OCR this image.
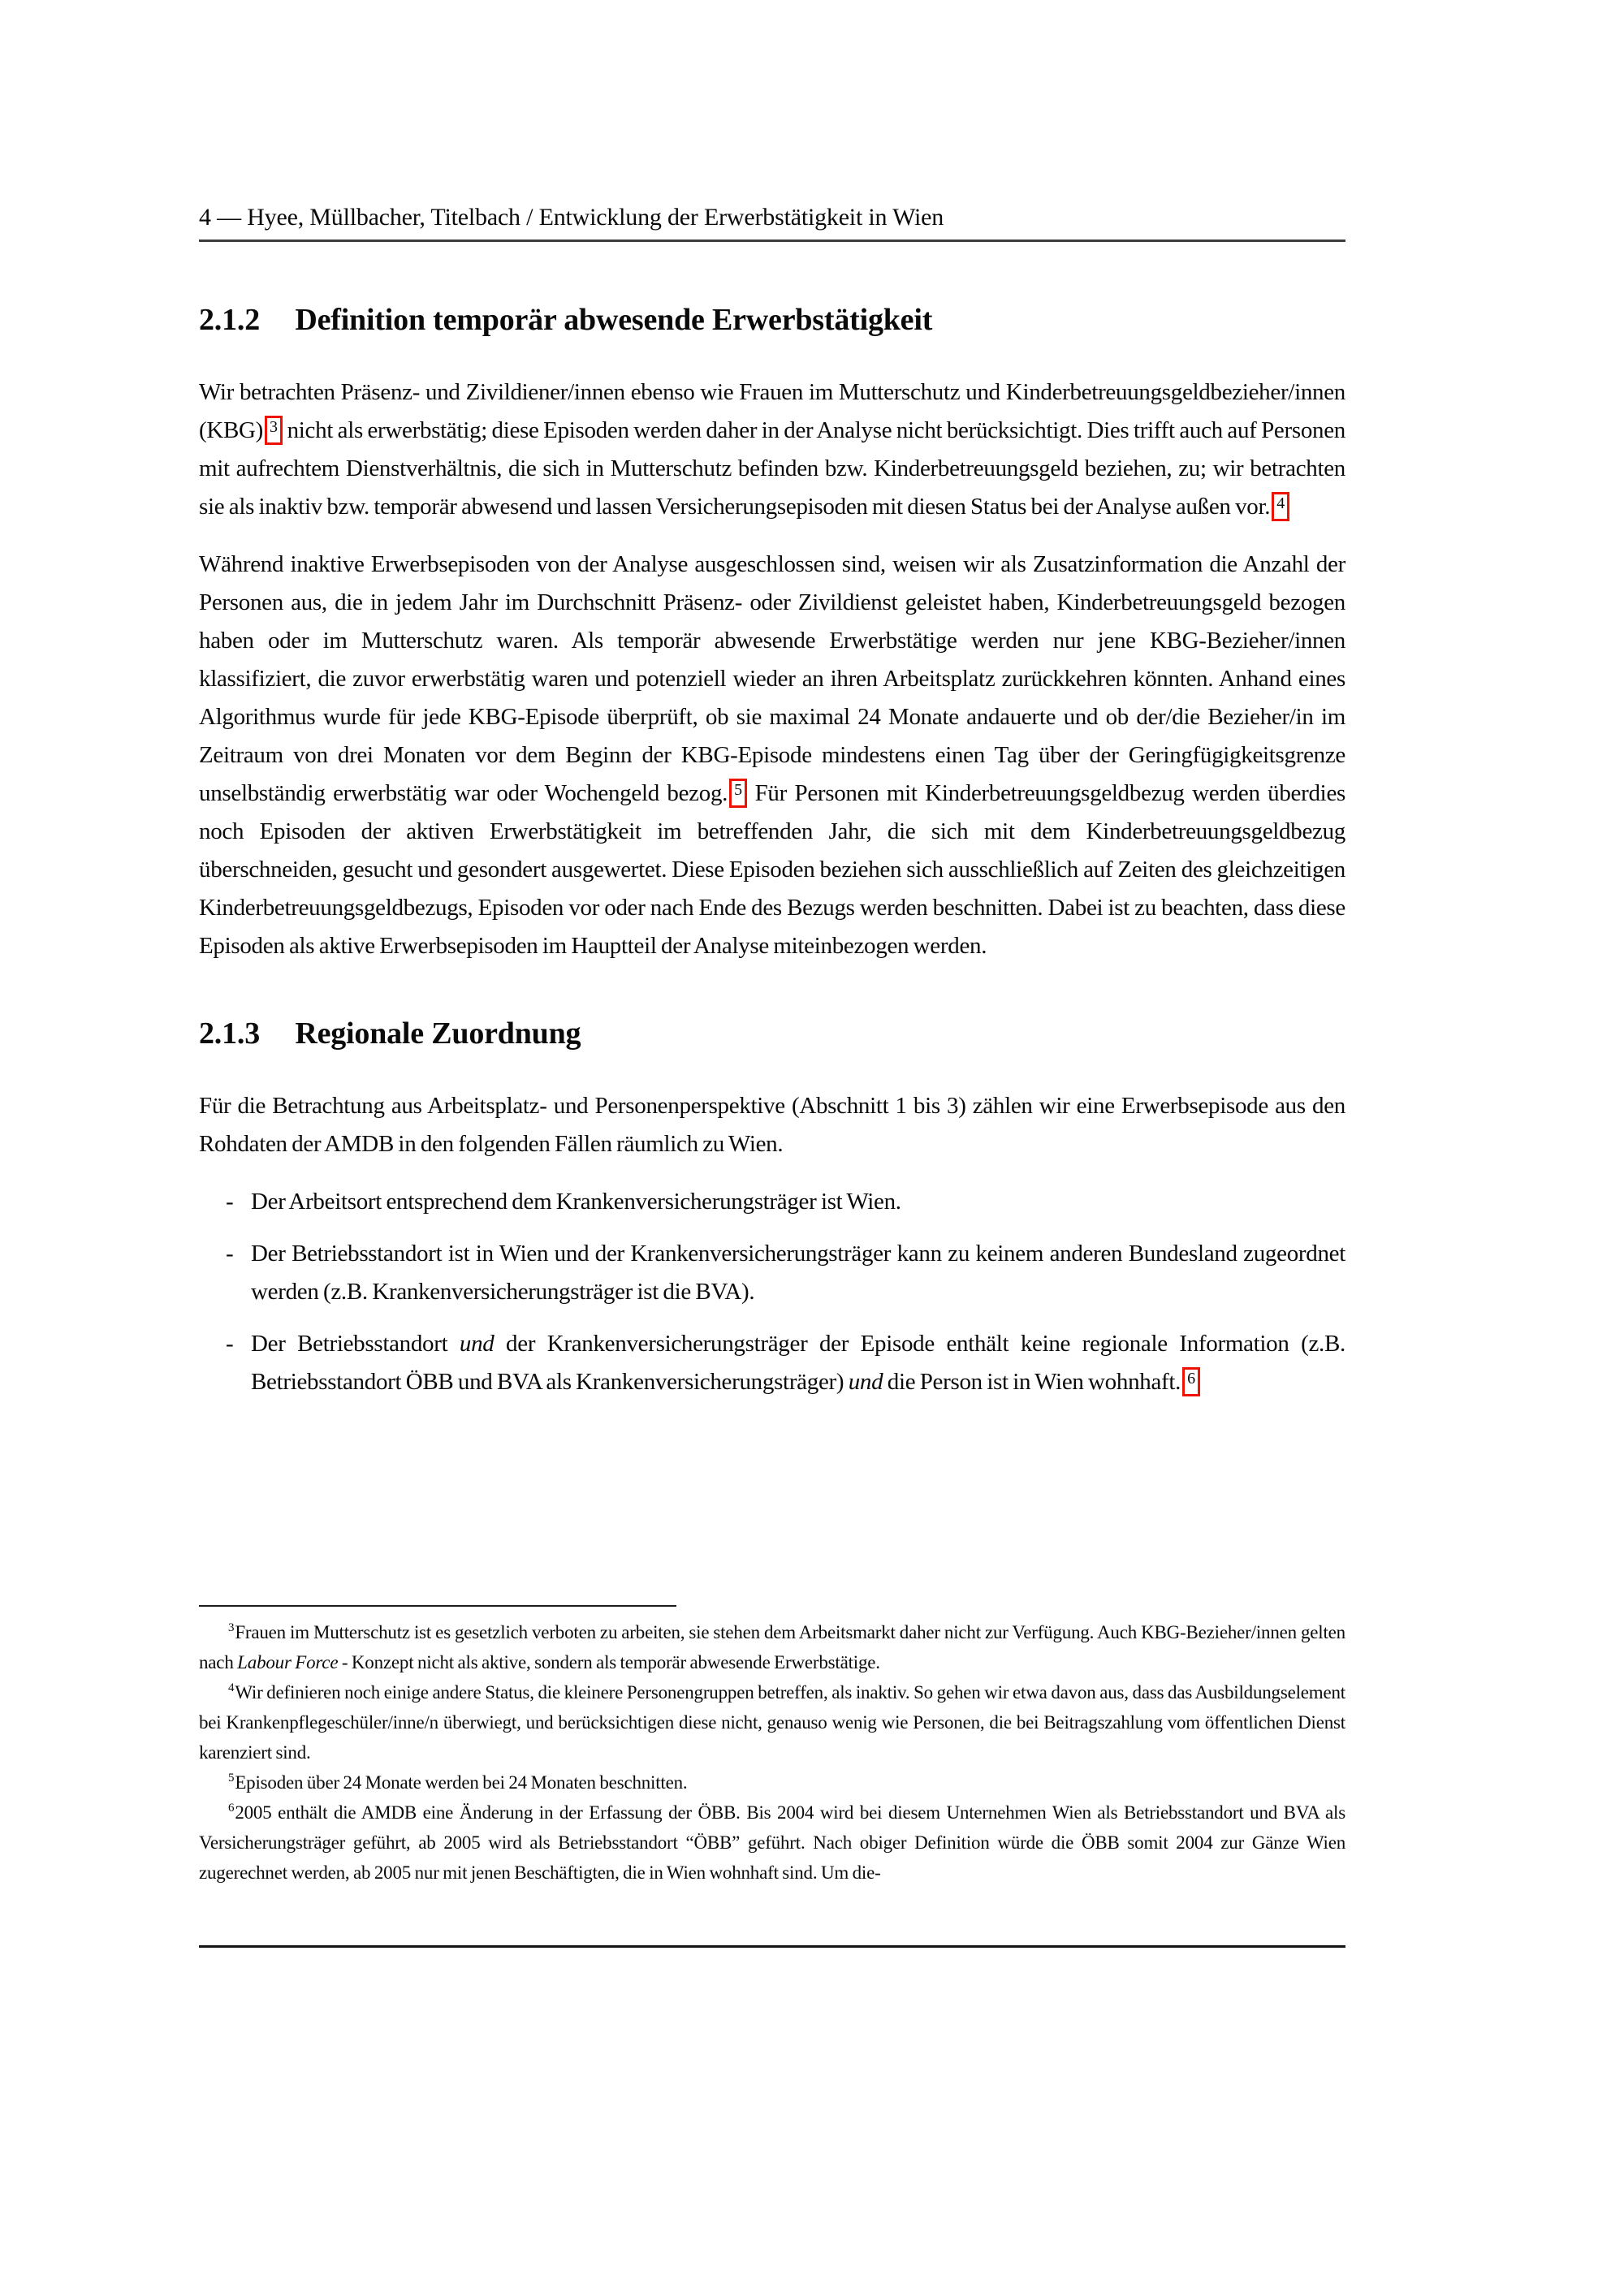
4 — Hyee, Müllbacher, Titelbach / Entwicklung der Erwerbstätigkeit in Wien
2.1.2 Definition temporär abwesende Erwerbstätigkeit

Wir betrachten Präsenz- und Zivildiener/innen ebenso wie Frauen im Mutterschutz und Kinderbetreuungsgeldbezieher/innen (KBG) $^3$ nicht als erwerbstätig; diese Episoden werden daher in der Analyse nicht berücksichtigt. Dies trifft auch auf Personen mit aufrechtem Dienstverhältnis, die sich in Mutterschutz befinden bzw. Kinderbetreuungsgeld beziehen, zu; wir betrachten sie als inaktiv bzw. temporär abwesend und lassen Versicherungsepisoden mit diesen Status bei der Analyse außen vor. $^4$

Während inaktive Erwerbsepisoden von der Analyse ausgeschlossen sind, weisen wir als Zusatzinformation die Anzahl der Personen aus, die in jedem Jahr im Durchschnitt Präsenz- oder Zivildienst geleistet haben, Kinderbetreuungsgeld bezogen haben oder im Mutterschutz waren. Als temporär abwesende Erwerbstätige werden nur jene KBG-Bezieher/innen klassifiziert, die zuvor erwerbstätig waren und potenziell wieder an ihren Arbeitsplatz zurückkehren könnten. Anhand eines Algorithmus wurde für jede KBG-Episode überprüft, ob sie maximal 24 Monate andauerte und ob der/die Bezieher/in im Zeitraum von drei Monaten vor dem Beginn der KBG-Episode mindestens einen Tag über der Geringfügigkeitsgrenze unselbständig erwerbstätig war oder Wochengeld bezog. $^5$ Für Personen mit Kinderbetreuungsgeldbezug werden überdies noch Episoden der aktiven Erwerbstätigkeit im betreffenden Jahr, die sich mit dem Kinderbetreuungsgeldbezug überschneiden, gesucht und gesondert ausgewertet. Diese Episoden beziehen sich ausschließlich auf Zeiten des gleichzeitigen Kinderbetreuungsgeldbezugs, Episoden vor oder nach Ende des Bezugs werden beschnitten. Dabei ist zu beachten, dass diese Episoden als aktive Erwerbsepisoden im Hauptteil der Analyse miteinbezogen werden.

2.1.3 Regionale Zuordnung

Für die Betrachtung aus Arbeitsplatz- und Personenperspektive (Abschnitt 1 bis 3) zählen wir eine Erwerbsepisode aus den Rohdaten der AMDB in den folgenden Fällen räumlich zu Wien.

- Der Arbeitsort entsprechend dem Krankenversicherungsträger ist Wien.
- Der Betriebsstandort ist in Wien und der Krankenversicherungsträger kann zu keinem anderen Bundesland zugeordnet werden (z.B. Krankenversicherungsträger ist die BVA).
- Der Betriebsstandort und der Krankenversicherungsträger der Episode enthält keine regionale Information (z.B. Betriebsstandort ÖBB und BVA als Krankenversicherungsträger) und die Person ist in Wien wohnhaft. $^6$

$^3$Frauen im Mutterschutz ist es gesetzlich verboten zu arbeiten, sie stehen dem Arbeitsmarkt daher nicht zur Verfügung. Auch KBG-Bezieher/innen gelten nach Labour Force - Konzept nicht als aktive, sondern als temporär abwesende Erwerbstätige.

$^4$Wir definieren noch einige andere Status, die kleinere Personengruppen betreffen, als inaktiv. So gehen wir etwa davon aus, dass das Ausbildungselement bei Krankenpflegeschüler/inne/n überwiegt, und berücksichtigen diese nicht, genauso wenig wie Personen, die bei Beitragszahlung vom öffentlichen Dienst karenziert sind.

$^5$Episoden über 24 Monate werden bei 24 Monaten beschnitten.

$^6$2005 enthält die AMDB eine Änderung in der Erfassung der ÖBB. Bis 2004 wird bei diesem Unternehmen Wien als Betriebsstandort und BVA als Versicherungsträger geführt, ab 2005 wird als Betriebsstandort “ÖBB” geführt. Nach obiger Definition würde die ÖBB somit 2004 zur Gänze Wien zugerechnet werden, ab 2005 nur mit jenen Beschäftigten, die in Wien wohnhaft sind. Um die-
